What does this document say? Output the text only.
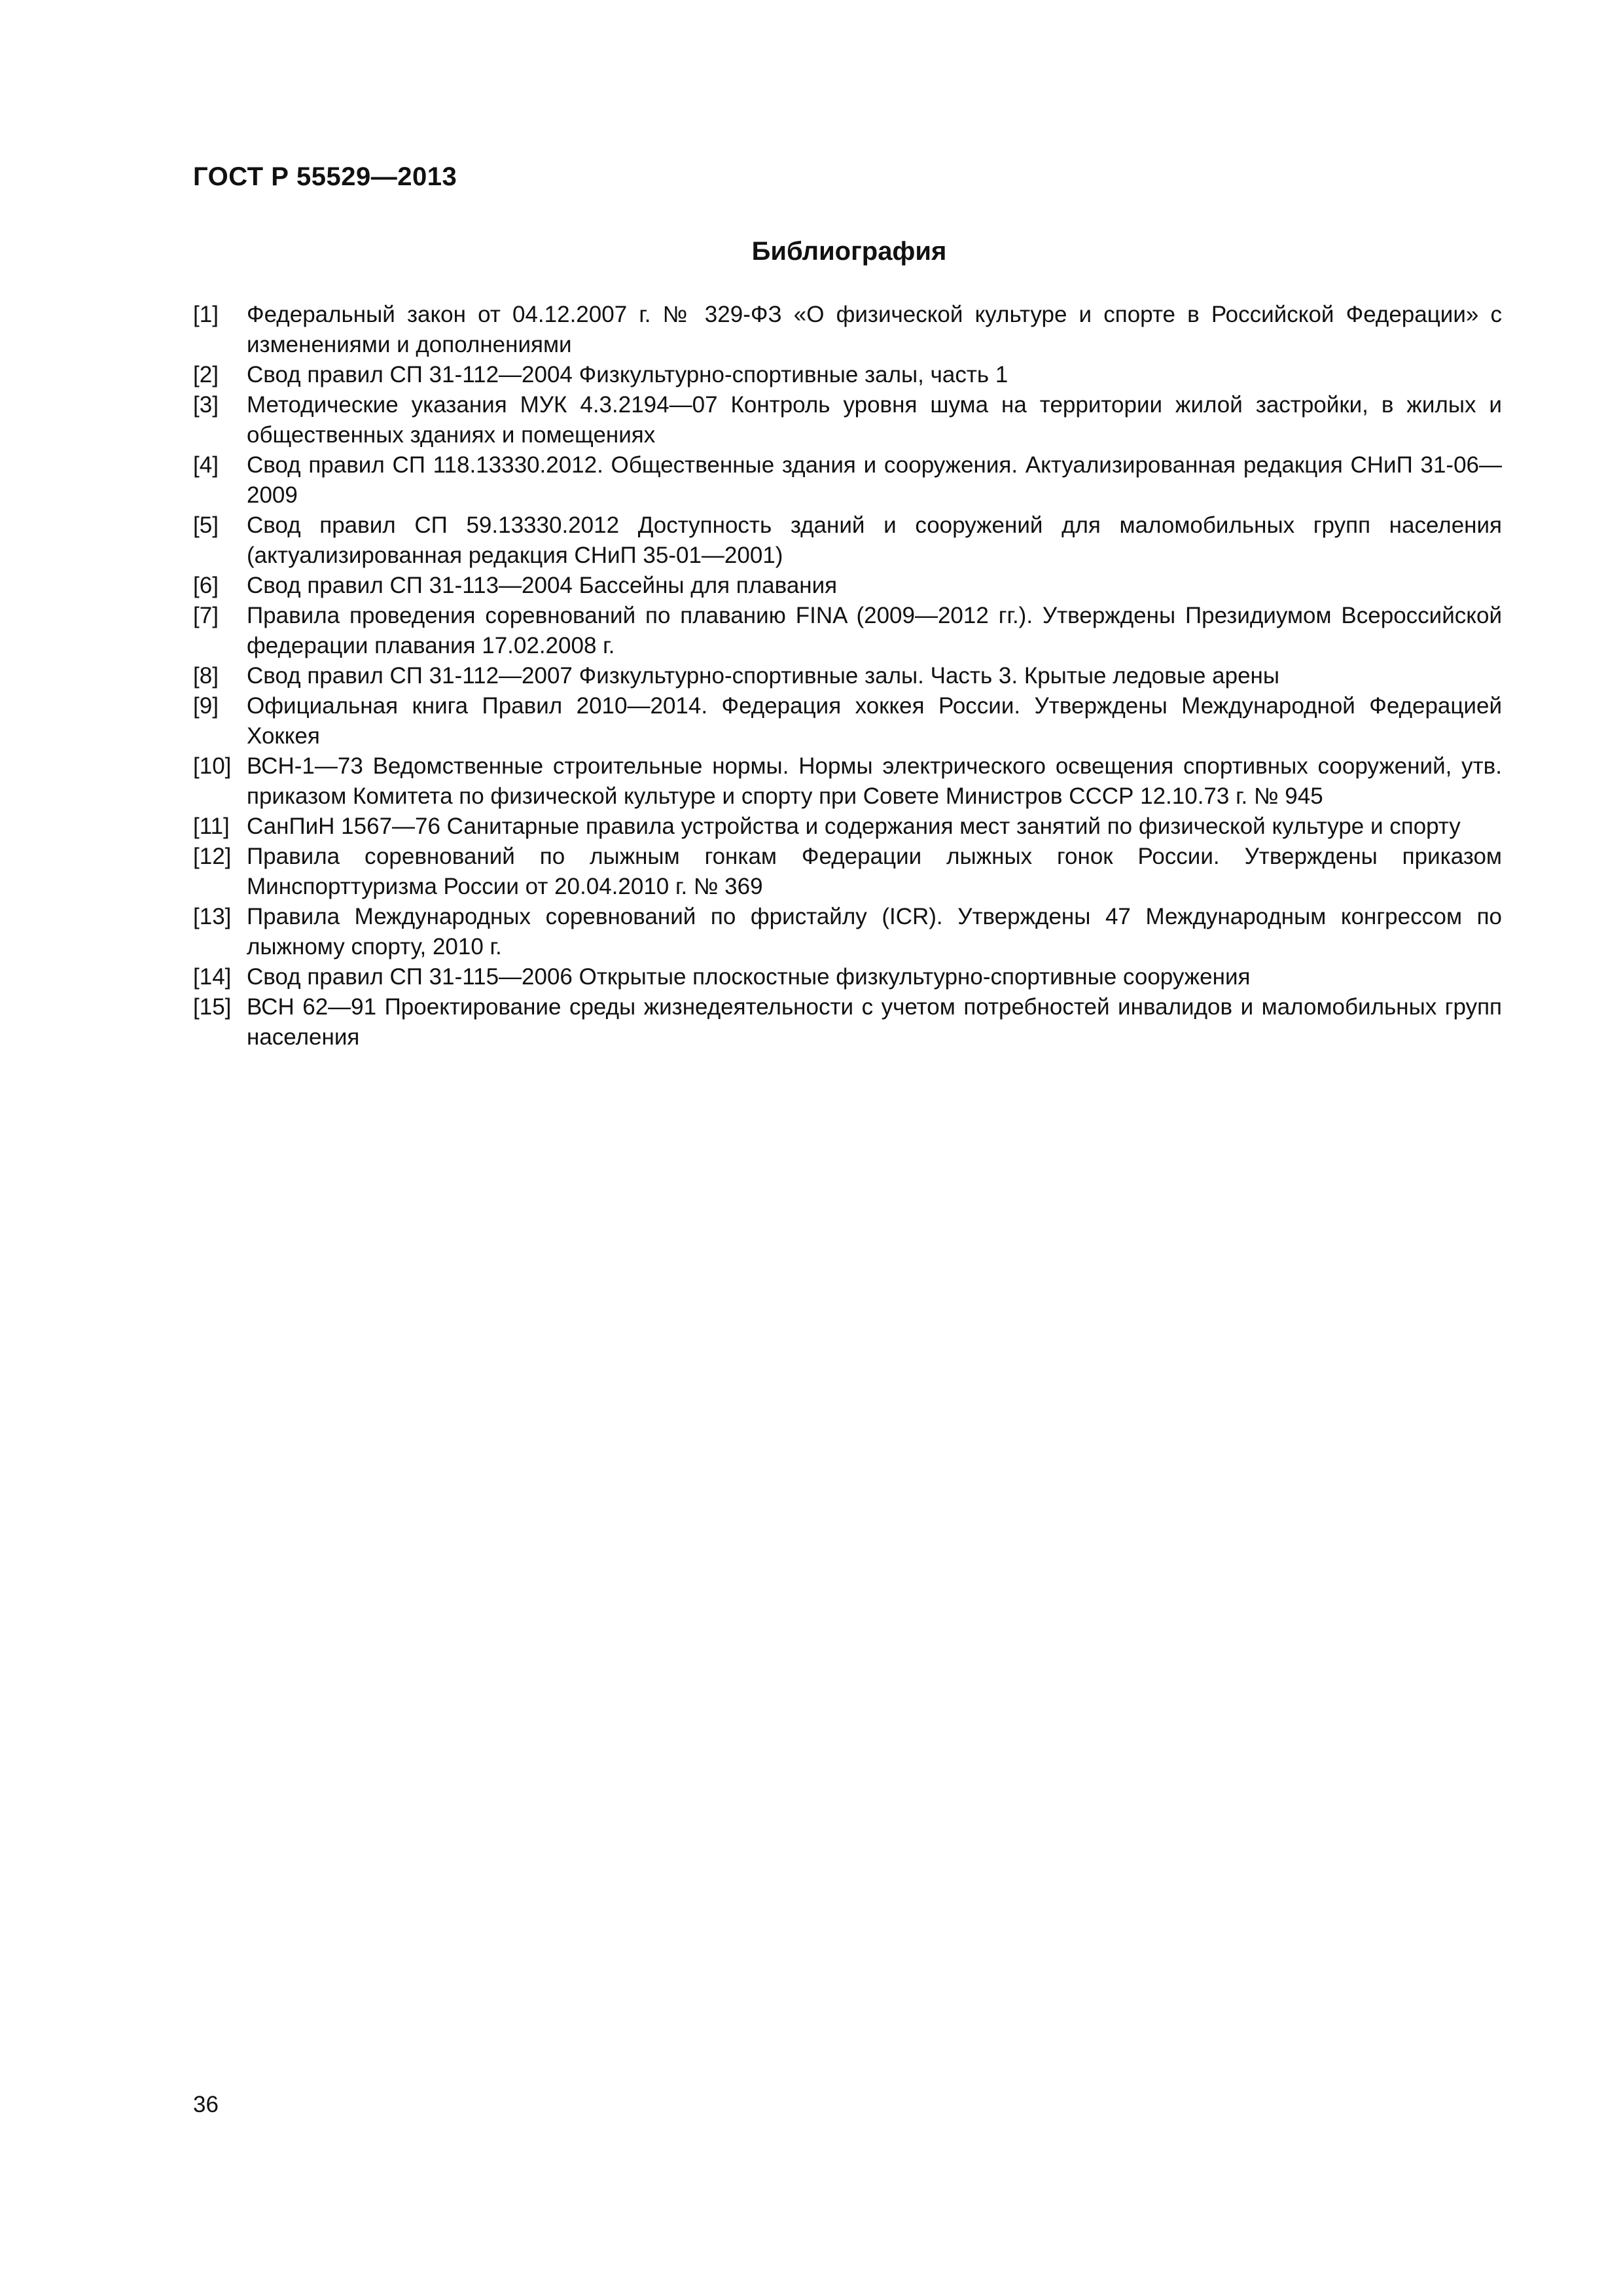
ГОСТ Р 55529—2013
Библиография
[1] Федеральный закон от 04.12.2007 г. № 329-ФЗ «О физической культуре и спорте в Российской Федерации» с изменениями и дополнениями
[2] Свод правил СП 31-112—2004 Физкультурно-спортивные залы, часть 1
[3] Методические указания МУК 4.3.2194—07 Контроль уровня шума на территории жилой застройки, в жилых и общественных зданиях и помещениях
[4] Свод правил СП 118.13330.2012. Общественные здания и сооружения. Актуализированная редакция СНиП 31-06—2009
[5] Свод правил СП 59.13330.2012 Доступность зданий и сооружений для маломобильных групп населения (актуализированная редакция СНиП 35-01—2001)
[6] Свод правил СП 31-113—2004 Бассейны для плавания
[7] Правила проведения соревнований по плаванию FINA (2009—2012 гг.). Утверждены Президиумом Всероссийской федерации плавания 17.02.2008 г.
[8] Свод правил СП 31-112—2007 Физкультурно-спортивные залы. Часть 3. Крытые ледовые арены
[9] Официальная книга Правил 2010—2014. Федерация хоккея России. Утверждены Международной Федерацией Хоккея
[10] ВСН-1—73 Ведомственные строительные нормы. Нормы электрического освещения спортивных сооружений, утв. приказом Комитета по физической культуре и спорту при Совете Министров СССР 12.10.73 г. № 945
[11] СанПиН 1567—76 Санитарные правила устройства и содержания мест занятий по физической культуре и спорту
[12] Правила соревнований по лыжным гонкам Федерации лыжных гонок России. Утверждены приказом Минспорттуризма России от 20.04.2010 г. № 369
[13] Правила Международных соревнований по фристайлу (ICR). Утверждены 47 Международным конгрессом по лыжному спорту, 2010 г.
[14] Свод правил СП 31-115—2006 Открытые плоскостные физкультурно-спортивные сооружения
[15] ВСН 62—91 Проектирование среды жизнедеятельности с учетом потребностей инвалидов и маломобильных групп населения
36
